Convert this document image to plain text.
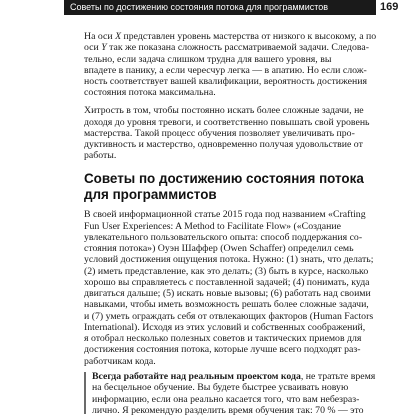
Советы по достижению состояния потока для программистов	169
На оси X представлен уровень мастерства от низкого к высокому, а по
оси Y так же показана сложность рассматриваемой задачи. Следова-
тельно, если задача слишком трудна для вашего уровня, вы
впадете в панику, а если чересчур легка — в апатию. Но если слож-
ность соответствует вашей квалификации, вероятность достижения
состояния потока максимальна.
Хитрость в том, чтобы постоянно искать более сложные задачи, не
доходя до уровня тревоги, и соответственно повышать свой уровень
мастерства. Такой процесс обучения позволяет увеличивать про-
дуктивность и мастерство, одновременно получая удовольствие от
работы.
Советы по достижению состояния потока
для программистов
В своей информационной статье 2015 года под названием «Crafting
Fun User Experiences: A Method to Facilitate Flow» («Создание
увлекательного пользовательского опыта: способ поддержания со-
стояния потока») Оуэн Шаффер (Owen Schaffer) определил семь
условий достижения ощущения потока. Нужно: (1) знать, что делать;
(2) иметь представление, как это делать; (3) быть в курсе, насколько
хорошо вы справляетесь с поставленной задачей; (4) понимать, куда
двигаться дальше; (5) искать новые вызовы; (6) работать над своими
навыками, чтобы иметь возможность решать более сложные задачи,
и (7) уметь ограждать себя от отвлекающих факторов (Human Factors
International). Исходя из этих условий и собственных соображений,
я отобрал несколько полезных советов и тактических приемов для
достижения состояния потока, которые лучше всего подходят раз-
работчикам кода.
Всегда работайте над реальным проектом кода, не тратьте время
на бесцельное обучение. Вы будете быстрее усваивать новую
информацию, если она реально касается того, что вам небезраз-
лично. Я рекомендую разделить время обучения так: 70 % — это
